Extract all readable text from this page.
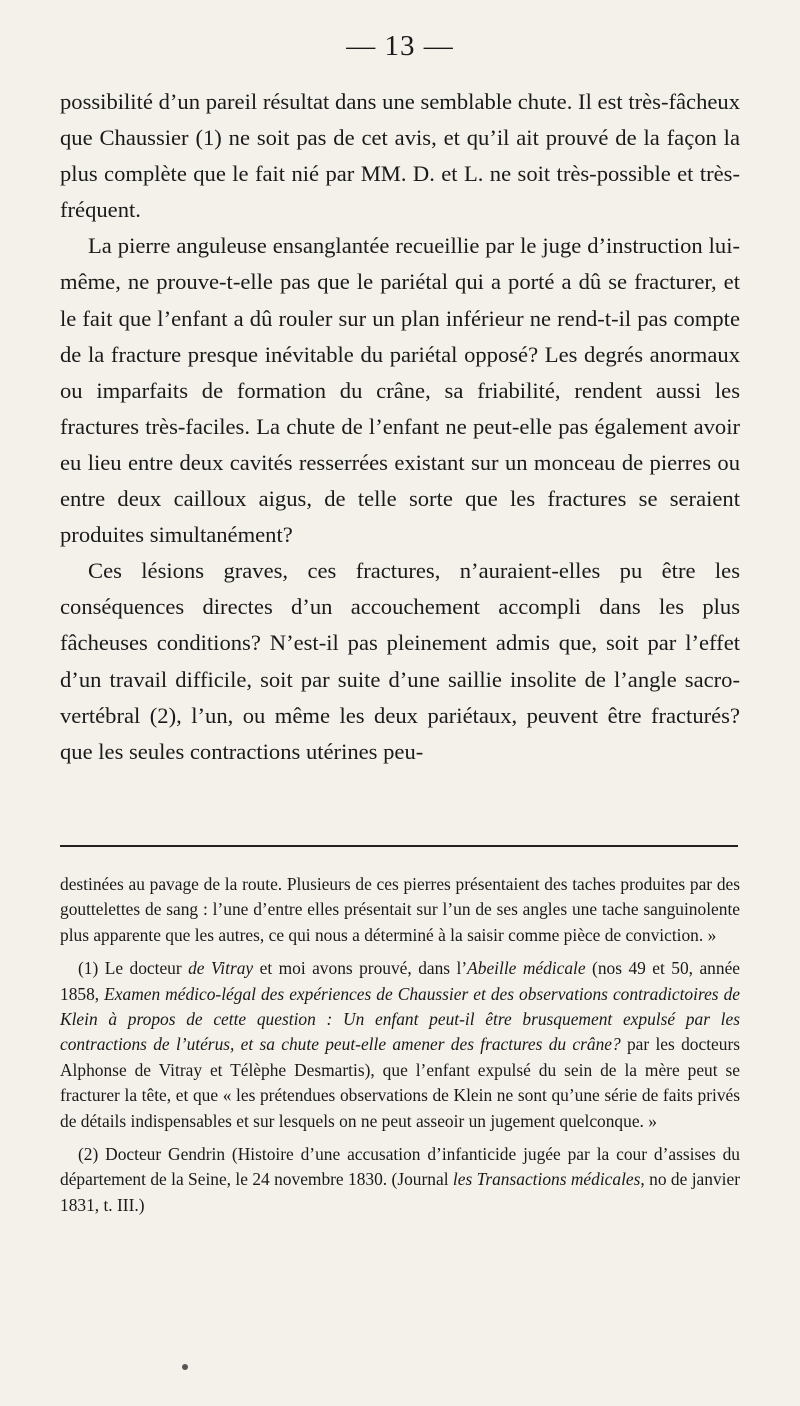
— 13 —

possibilité d’un pareil résultat dans une semblable chute. Il est très-fâcheux que Chaussier (1) ne soit pas de cet avis, et qu’il ait prouvé de la façon la plus complète que le fait nié par MM. D. et L. ne soit très-possible et très-fréquent.

La pierre anguleuse ensanglantée recueillie par le juge d’instruction lui-même, ne prouve-t-elle pas que le pariétal qui a porté a dû se fracturer, et le fait que l’enfant a dû rouler sur un plan inférieur ne rend-t-il pas compte de la fracture presque inévitable du pariétal opposé? Les degrés anormaux ou imparfaits de formation du crâne, sa friabilité, rendent aussi les fractures très-faciles. La chute de l’enfant ne peut-elle pas également avoir eu lieu entre deux cavités resserrées existant sur un monceau de pierres ou entre deux cailloux aigus, de telle sorte que les fractures se seraient produites simultanément?

Ces lésions graves, ces fractures, n’auraient-elles pu être les conséquences directes d’un accouchement accompli dans les plus fâcheuses conditions? N’est-il pas pleinement admis que, soit par l’effet d’un travail difficile, soit par suite d’une saillie insolite de l’angle sacro-vertébral (2), l’un, ou même les deux pariétaux, peuvent être fracturés? que les seules contractions utérines peu-

destinées au pavage de la route. Plusieurs de ces pierres présentaient des taches produites par des gouttelettes de sang : l’une d’entre elles présentait sur l’un de ses angles une tache sanguinolente plus apparente que les autres, ce qui nous a déterminé à la saisir comme pièce de conviction. »

(1) Le docteur de Vitray et moi avons prouvé, dans l’Abeille médicale (nos 49 et 50, année 1858, Examen médico-légal des expériences de Chaussier et des observations contradictoires de Klein à propos de cette question : Un enfant peut-il être brusquement expulsé par les contractions de l’utérus, et sa chute peut-elle amener des fractures du crâne? par les docteurs Alphonse de Vitray et Télèphe Desmartis), que l’enfant expulsé du sein de la mère peut se fracturer la tête, et que « les prétendues observations de Klein ne sont qu’une série de faits privés de détails indispensables et sur lesquels on ne peut asseoir un jugement quelconque. »

(2) Docteur Gendrin (Histoire d’une accusation d’infanticide jugée par la cour d’assises du département de la Seine, le 24 novembre 1830. (Journal les Transactions médicales, no de janvier 1831, t. III.)
